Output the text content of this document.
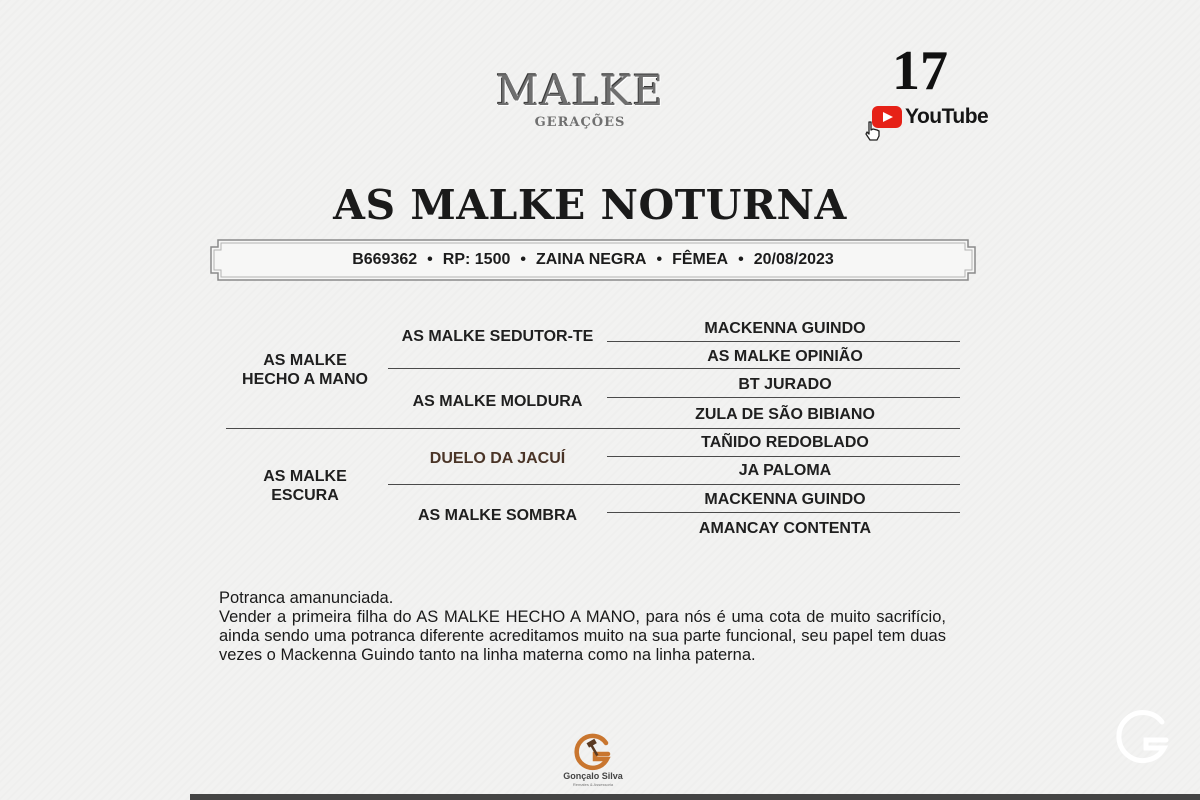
MALKE
GERAÇÕES
17
YouTube
AS MALKE NOTURNA
B669362 • RP: 1500 • ZAINA NEGRA • FÊMEA • 20/08/2023
AS MALKE
HECHO A MANO
AS MALKE
ESCURA
AS MALKE SEDUTOR-TE
AS MALKE MOLDURA
DUELO DA JACUÍ
AS MALKE SOMBRA
MACKENNA GUINDO
AS MALKE OPINIÃO
BT JURADO
ZULA DE SÃO BIBIANO
TAÑIDO REDOBLADO
JA PALOMA
MACKENNA GUINDO
AMANCAY CONTENTA

Potranca amanunciada.

Vender a primeira filha do AS MALKE HECHO A MANO, para nós é uma cota de muito sacrifício, ainda sendo uma potranca diferente acreditamos muito na sua parte funcional, seu papel tem duas vezes o Mackenna Guindo tanto na linha materna como na linha paterna.

Gonçalo Silva
Remates & Assessoria
